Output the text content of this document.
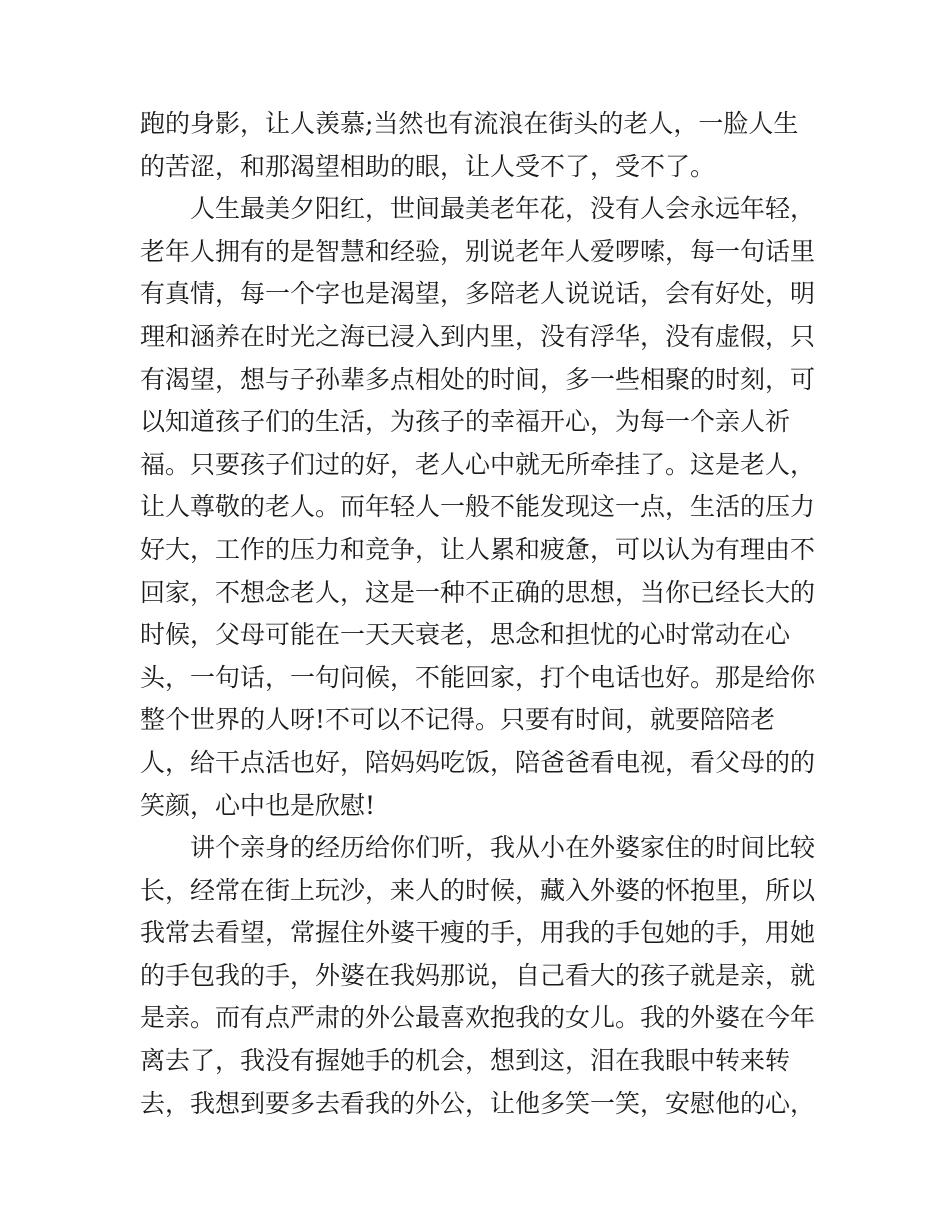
跑的身影，让人羡慕;当然也有流浪在街头的老人，一脸人生
的苦涩，和那渴望相助的眼，让人受不了，受不了。
人生最美夕阳红，世间最美老年花，没有人会永远年轻，
老年人拥有的是智慧和经验，别说老年人爱啰嗦，每一句话里
有真情，每一个字也是渴望，多陪老人说说话，会有好处，明
理和涵养在时光之海已浸入到内里，没有浮华，没有虚假，只
有渴望，想与子孙辈多点相处的时间，多一些相聚的时刻，可
以知道孩子们的生活，为孩子的幸福开心，为每一个亲人祈
福。只要孩子们过的好，老人心中就无所牵挂了。这是老人，
让人尊敬的老人。而年轻人一般不能发现这一点，生活的压力
好大，工作的压力和竞争，让人累和疲惫，可以认为有理由不
回家，不想念老人，这是一种不正确的思想，当你已经长大的
时候，父母可能在一天天衰老，思念和担忧的心时常动在心
头，一句话，一句问候，不能回家，打个电话也好。那是给你
整个世界的人呀!不可以不记得。只要有时间，就要陪陪老
人，给干点活也好，陪妈妈吃饭，陪爸爸看电视，看父母的的
笑颜，心中也是欣慰!
讲个亲身的经历给你们听，我从小在外婆家住的时间比较
长，经常在街上玩沙，来人的时候，藏入外婆的怀抱里，所以
我常去看望，常握住外婆干瘦的手，用我的手包她的手，用她
的手包我的手，外婆在我妈那说，自己看大的孩子就是亲，就
是亲。而有点严肃的外公最喜欢抱我的女儿。我的外婆在今年
离去了，我没有握她手的机会，想到这，泪在我眼中转来转
去，我想到要多去看我的外公，让他多笑一笑，安慰他的心，
